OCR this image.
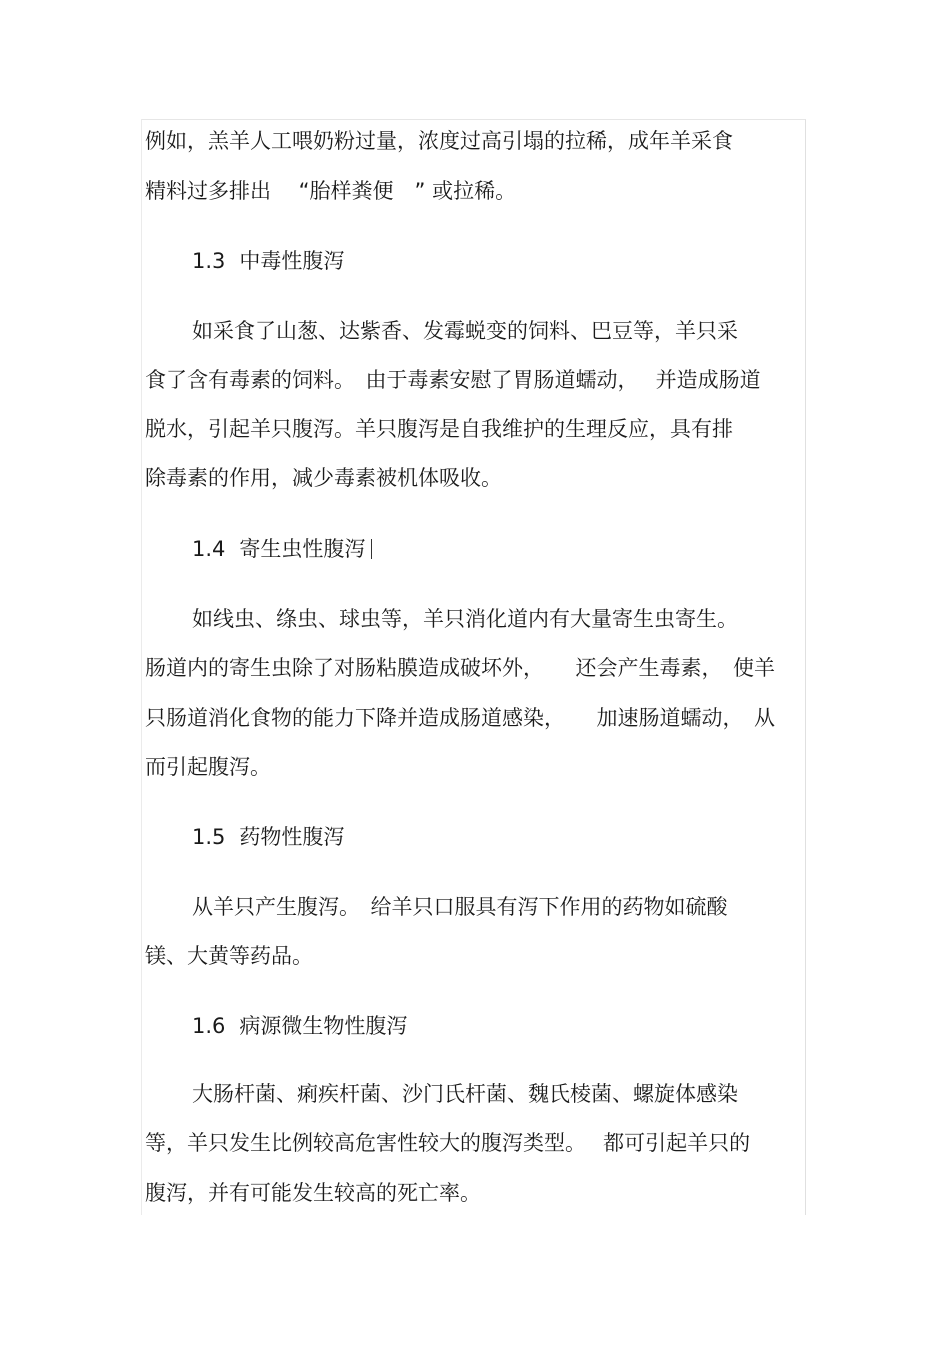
例如，羔羊人工喂奶粉过量，浓度过高引塌的拉稀，成年羊采食
精料过多排出　 “胎样粪便　” 或拉稀。
1.3 中毒性腹泻
如采食了山葱、达紫香、发霉蜕变的饲料、巴豆等，羊只采
食了含有毒素的饲料。　由于毒素安慰了胃肠道蠕动，　 并造成肠道
脱水，引起羊只腹泻。羊只腹泻是自我维护的生理反应，具有排
除毒素的作用，减少毒素被机体吸收。
1.4 寄生虫性腹泻
如线虫、绦虫、球虫等，羊只消化道内有大量寄生虫寄生。
肠道内的寄生虫除了对肠粘膜造成破坏外，　　还会产生毒素，　使羊
只肠道消化食物的能力下降并造成肠道感染，　　加速肠道蠕动，　从
而引起腹泻。
1.5 药物性腹泻
从羊只产生腹泻。　给羊只口服具有泻下作用的药物如硫酸
镁、大黄等药品。
1.6 病源微生物性腹泻
大肠杆菌、痢疾杆菌、沙门氏杆菌、魏氏棱菌、螺旋体感染
等，羊只发生比例较高危害性较大的腹泻类型。　 都可引起羊只的
腹泻，并有可能发生较高的死亡率。
